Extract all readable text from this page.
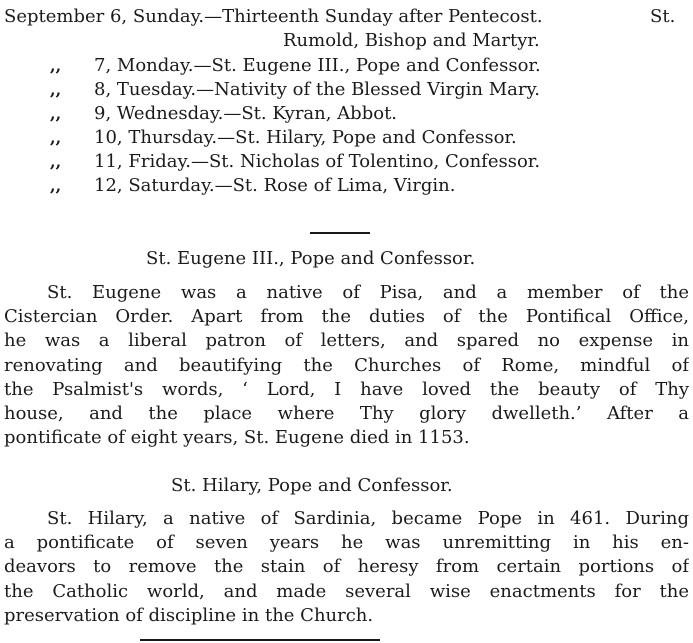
September 6, Sunday.—Thirteenth Sunday after Pentecost.	St.
Rumold, Bishop and Martyr.
,, 7, Monday.—St. Eugene III., Pope and Confessor.
,, 8, Tuesday.—Nativity of the Blessed Virgin Mary.
,, 9, Wednesday.—St. Kyran, Abbot.
,, 10, Thursday.—St. Hilary, Pope and Confessor.
,, 11, Friday.—St. Nicholas of Tolentino, Confessor.
,, 12, Saturday.—St. Rose of Lima, Virgin.
St. Eugene III., Pope and Confessor.
St. Eugene was a native of Pisa, and a member of the
Cistercian Order. Apart from the duties of the Pontifical Office,
he was a liberal patron of letters, and spared no expense in
renovating and beautifying the Churches of Rome, mindful of
the Psalmist's words, ‘ Lord, I have loved the beauty of Thy
house, and the place where Thy glory dwelleth.’ After a
pontificate of eight years, St. Eugene died in 1153.
St. Hilary, Pope and Confessor.
St. Hilary, a native of Sardinia, became Pope in 461. During
a pontificate of seven years he was unremitting in his en-
deavors to remove the stain of heresy from certain portions of
the Catholic world, and made several wise enactments for the
preservation of discipline in the Church.
